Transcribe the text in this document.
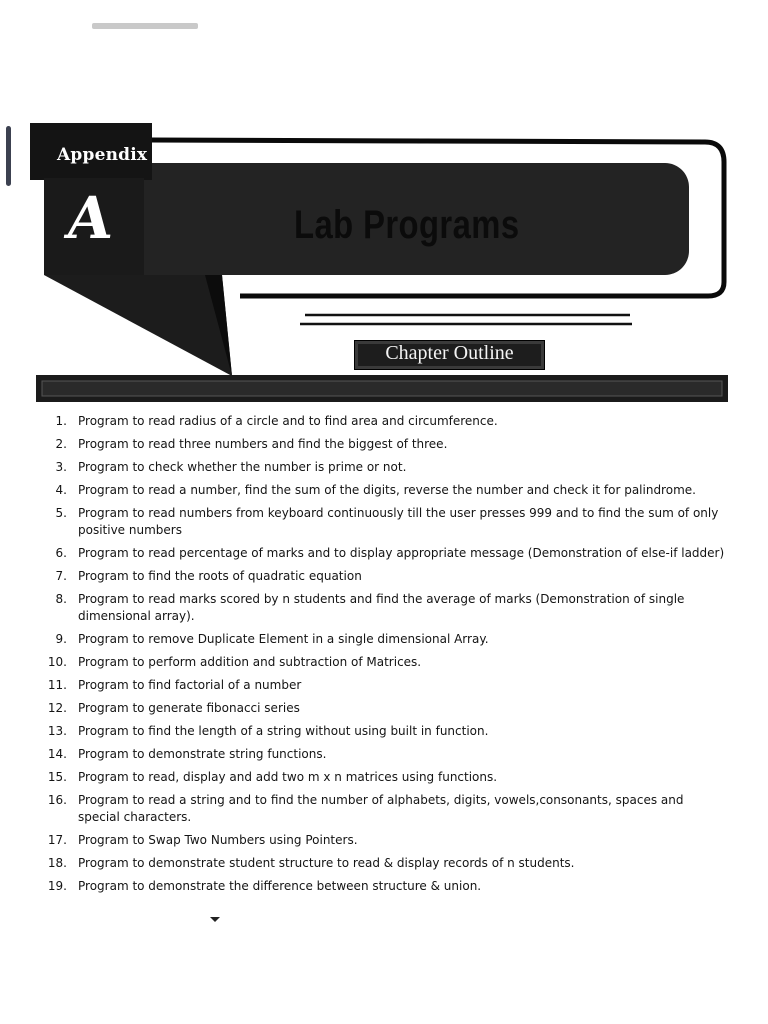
Appendix
A	Lab Programs
Chapter Outline
1. Program to read radius of a circle and to find area and circumference.
2. Program to read three numbers and find the biggest of three.
3. Program to check whether the number is prime or not.
4. Program to read a number, find the sum of the digits, reverse the number and check it for palindrome.
5. Program to read numbers from keyboard continuously till the user presses 999 and to find the sum of only positive numbers
6. Program to read percentage of marks and to display appropriate message (Demonstration of else-if ladder)
7. Program to find the roots of quadratic equation
8. Program to read marks scored by n students and find the average of marks (Demonstration of single dimensional array).
9. Program to remove Duplicate Element in a single dimensional Array.
10. Program to perform addition and subtraction of Matrices.
11. Program to find factorial of a number
12. Program to generate fibonacci series
13. Program to find the length of a string without using built in function.
14. Program to demonstrate string functions.
15. Program to read, display and add two m x n matrices using functions.
16. Program to read a string and to find the number of alphabets, digits, vowels,consonants, spaces and special characters.
17. Program to Swap Two Numbers using Pointers.
18. Program to demonstrate student structure to read & display records of n students.
19. Program to demonstrate the difference between structure & union.
